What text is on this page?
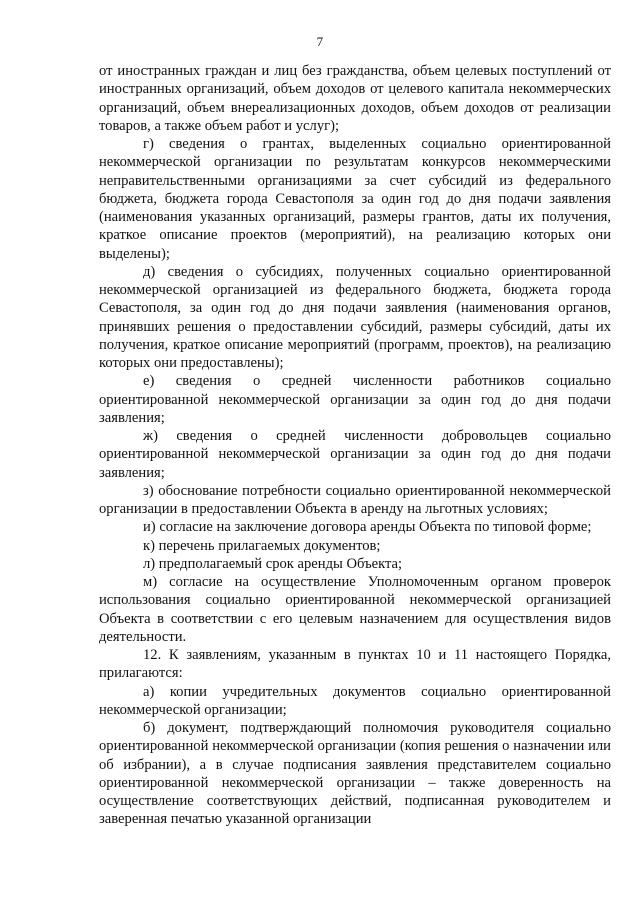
7

от иностранных граждан и лиц без гражданства, объем целевых поступлений от иностранных организаций, объем доходов от целевого капитала некоммерческих организаций, объем внереализационных доходов, объем доходов от реализации товаров, а также объем работ и услуг);

г) сведения о грантах, выделенных социально ориентированной некоммерческой организации по результатам конкурсов некоммерческими неправительственными организациями за счет субсидий из федерального бюджета, бюджета города Севастополя за один год до дня подачи заявления (наименования указанных организаций, размеры грантов, даты их получения, краткое описание проектов (мероприятий), на реализацию которых они выделены);

д) сведения о субсидиях, полученных социально ориентированной некоммерческой организацией из федерального бюджета, бюджета города Севастополя, за один год до дня подачи заявления (наименования органов, принявших решения о предоставлении субсидий, размеры субсидий, даты их получения, краткое описание мероприятий (программ, проектов), на реализацию которых они предоставлены);

е) сведения о средней численности работников социально ориентированной некоммерческой организации за один год до дня подачи заявления;

ж) сведения о средней численности добровольцев социально ориентированной некоммерческой организации за один год до дня подачи заявления;

з) обоснование потребности социально ориентированной некоммерческой организации в предоставлении Объекта в аренду на льготных условиях;

и) согласие на заключение договора аренды Объекта по типовой форме;

к) перечень прилагаемых документов;

л) предполагаемый срок аренды Объекта;

м) согласие на осуществление Уполномоченным органом проверок использования социально ориентированной некоммерческой организацией Объекта в соответствии с его целевым назначением для осуществления видов деятельности.

12. К заявлениям, указанным в пунктах 10 и 11 настоящего Порядка, прилагаются:

а) копии учредительных документов социально ориентированной некоммерческой организации;

б) документ, подтверждающий полномочия руководителя социально ориентированной некоммерческой организации (копия решения о назначении или об избрании), а в случае подписания заявления представителем социально ориентированной некоммерческой организации – также доверенность на осуществление соответствующих действий, подписанная руководителем и заверенная печатью указанной организации
